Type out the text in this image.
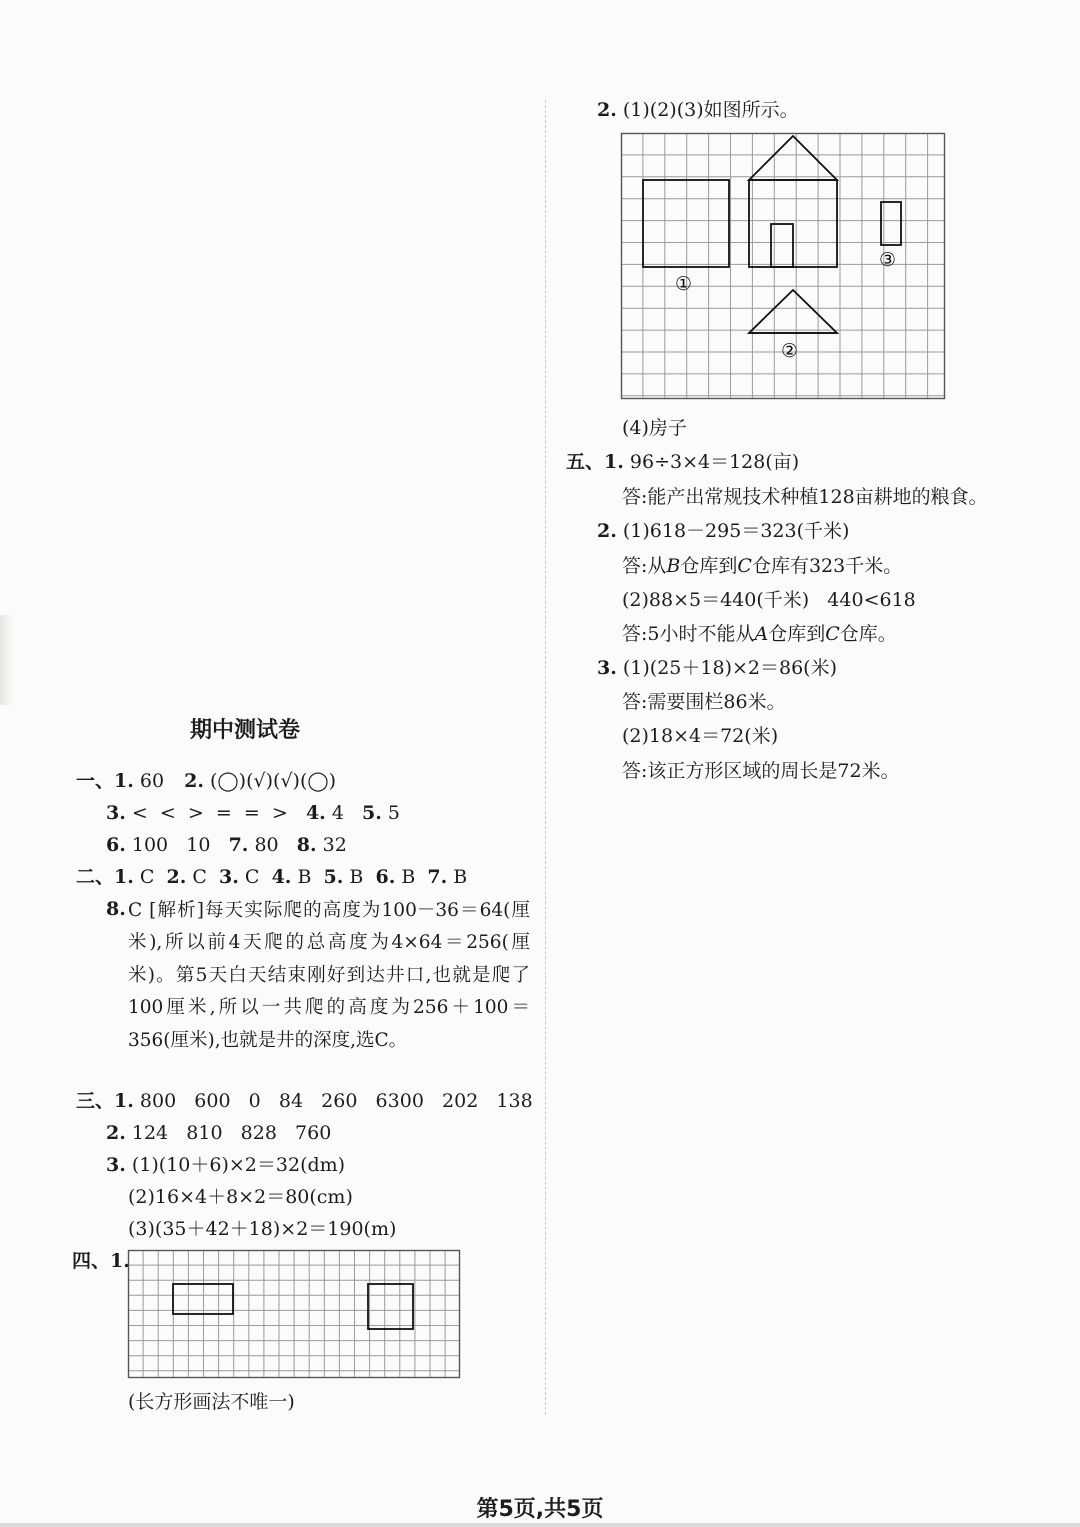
期中测试卷
一、1. 60 2. (◯)(√)(√)(◯)
3. <  <  >  =  =  > 4. 4 5. 5
6. 100   10 7. 80 8. 32
二、1. C 2. C 3. C 4. B 5. B 6. B 7. B
8. C [解析]每天实际爬的高度为100－36＝64(厘米),所以前4天爬的总高度为4×64＝256(厘米)。第5天白天结束刚好到达井口,也就是爬了100厘米,所以一共爬的高度为256＋100＝356(厘米),也就是井的深度,选C。
三、1. 800   600   0   84   260   6300   202   138
2. 124   810   828   760
3. (1)(10＋6)×2＝32(dm)
(2)16×4＋8×2＝80(cm)
(3)(35＋42＋18)×2＝190(m)
四、1.
(长方形画法不唯一)
2. (1)(2)(3)如图所示。
①
②
③
(4)房子
五、1. 96÷3×4＝128(亩)
答:能产出常规技术种植128亩耕地的粮食。
2. (1)618－295＝323(千米)
答:从B仓库到C仓库有323千米。
(2)88×5＝440(千米)   440<618
答:5小时不能从A仓库到C仓库。
3. (1)(25＋18)×2＝86(米)
答:需要围栏86米。
(2)18×4＝72(米)
答:该正方形区域的周长是72米。
第5页,共5页
